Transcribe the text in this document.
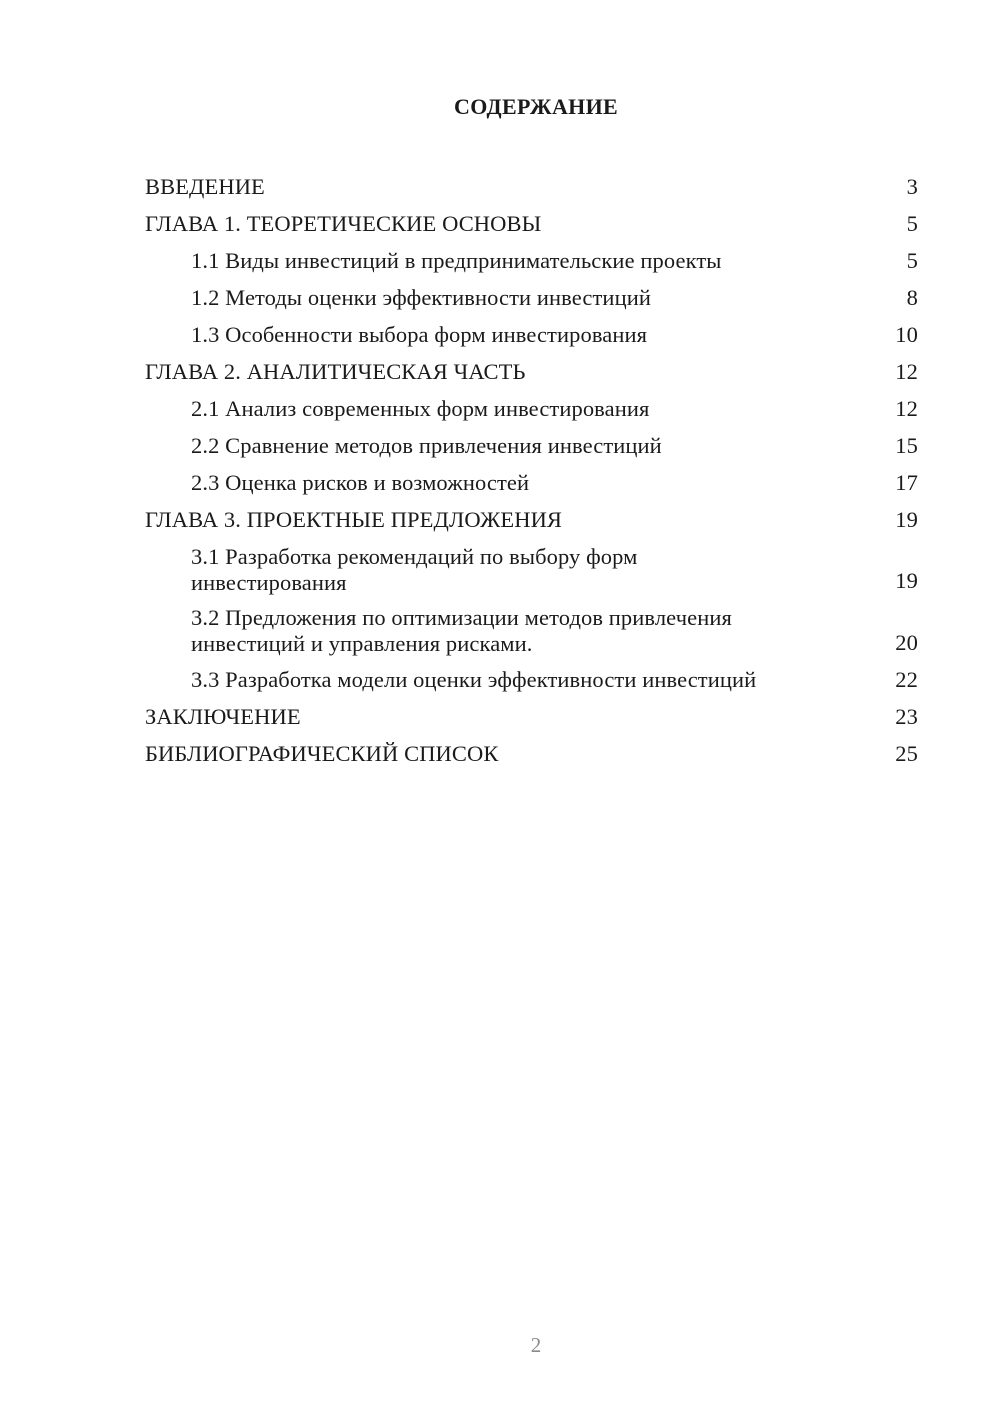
СОДЕРЖАНИЕ
ВВЕДЕНИЕ	3
ГЛАВА 1. ТЕОРЕТИЧЕСКИЕ ОСНОВЫ	5
1.1 Виды инвестиций в предпринимательские проекты	5
1.2 Методы оценки эффективности инвестиций	8
1.3 Особенности выбора форм инвестирования	10
ГЛАВА 2. АНАЛИТИЧЕСКАЯ ЧАСТЬ	12
2.1 Анализ современных форм инвестирования	12
2.2 Сравнение методов привлечения инвестиций	15
2.3 Оценка рисков и возможностей	17
ГЛАВА 3. ПРОЕКТНЫЕ ПРЕДЛОЖЕНИЯ	19
3.1 Разработка рекомендаций по выбору форм инвестирования	19
3.2 Предложения по оптимизации методов привлечения инвестиций и управления рисками.	20
3.3 Разработка модели оценки эффективности инвестиций	22
ЗАКЛЮЧЕНИЕ	23
БИБЛИОГРАФИЧЕСКИЙ СПИСОК	25
2
